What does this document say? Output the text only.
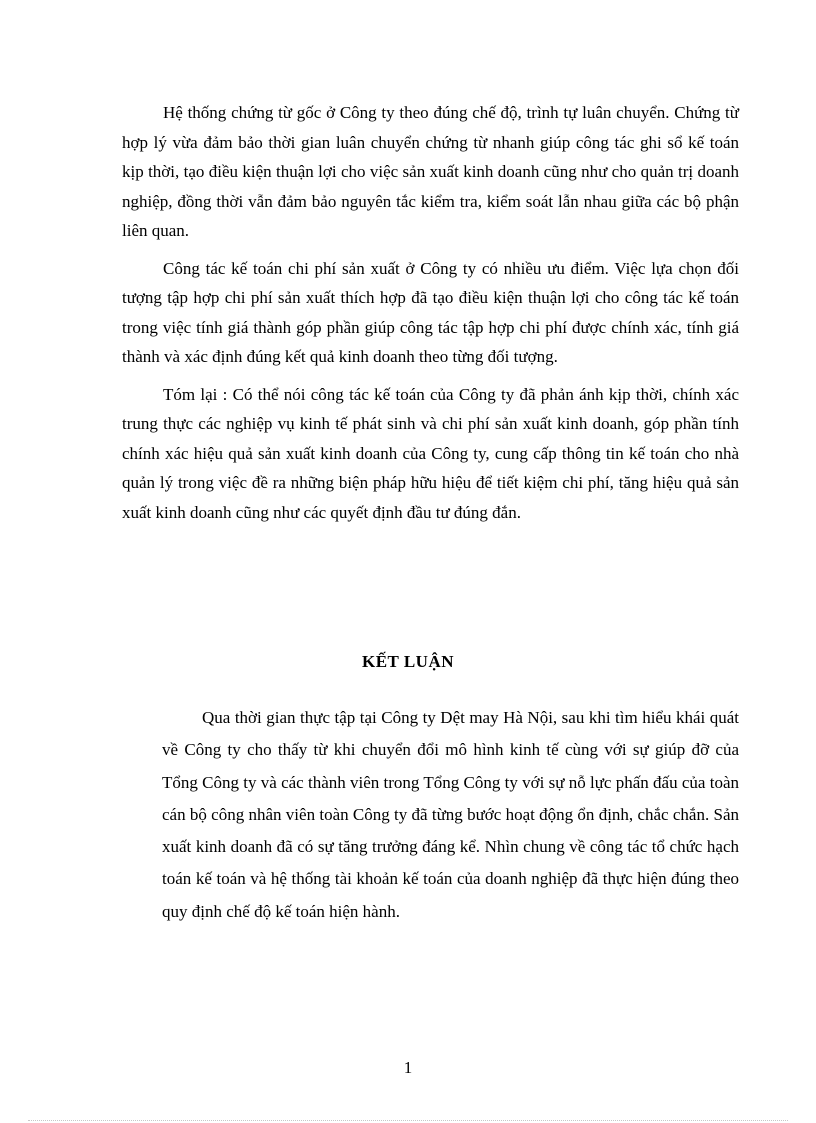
Hệ thống chứng từ gốc ở Công ty theo đúng chế độ, trình tự luân chuyển. Chứng từ hợp lý vừa đảm bảo thời gian luân chuyển chứng từ nhanh giúp công tác ghi sổ kế toán kịp thời, tạo điều kiện thuận lợi cho việc sản xuất kinh doanh cũng như cho quản trị doanh nghiệp, đồng thời vẫn đảm bảo nguyên tắc kiểm tra, kiểm soát lẫn nhau giữa các bộ phận liên quan.

Công tác kế toán chi phí sản xuất ở Công ty có nhiều ưu điểm. Việc lựa chọn đối tượng tập hợp chi phí sản xuất thích hợp đã tạo điều kiện thuận lợi cho công tác kế toán trong việc tính giá thành góp phần giúp công tác tập hợp chi phí được chính xác, tính giá thành và xác định đúng kết quả kinh doanh theo từng đối tượng.

Tóm lại : Có thể nói công tác kế toán của Công ty đã phản ánh kịp thời, chính xác trung thực các nghiệp vụ kinh tế phát sinh và chi phí sản xuất kinh doanh, góp phần tính chính xác hiệu quả sản xuất kinh doanh của Công ty, cung cấp thông tin kế toán cho nhà quản lý trong việc đề ra những biện pháp hữu hiệu để tiết kiệm chi phí, tăng hiệu quả sản xuất kinh doanh cũng như các quyết định đầu tư đúng đắn.

KẾT LUẬN

Qua thời gian thực tập tại Công ty Dệt may Hà Nội, sau khi tìm hiểu khái quát về Công ty cho thấy từ khi chuyển đổi mô hình kinh tế cùng với sự giúp đỡ của Tổng Công ty và các thành viên trong Tổng Công ty với sự nỗ lực phấn đấu của toàn cán bộ công nhân viên toàn Công ty đã từng bước hoạt động ổn định, chắc chắn. Sản xuất kinh doanh đã có sự tăng trưởng đáng kể. Nhìn chung về công tác tổ chức hạch toán kế toán và hệ thống tài khoản kế toán của doanh nghiệp đã thực hiện đúng theo quy định chế độ kế toán hiện hành.

1
